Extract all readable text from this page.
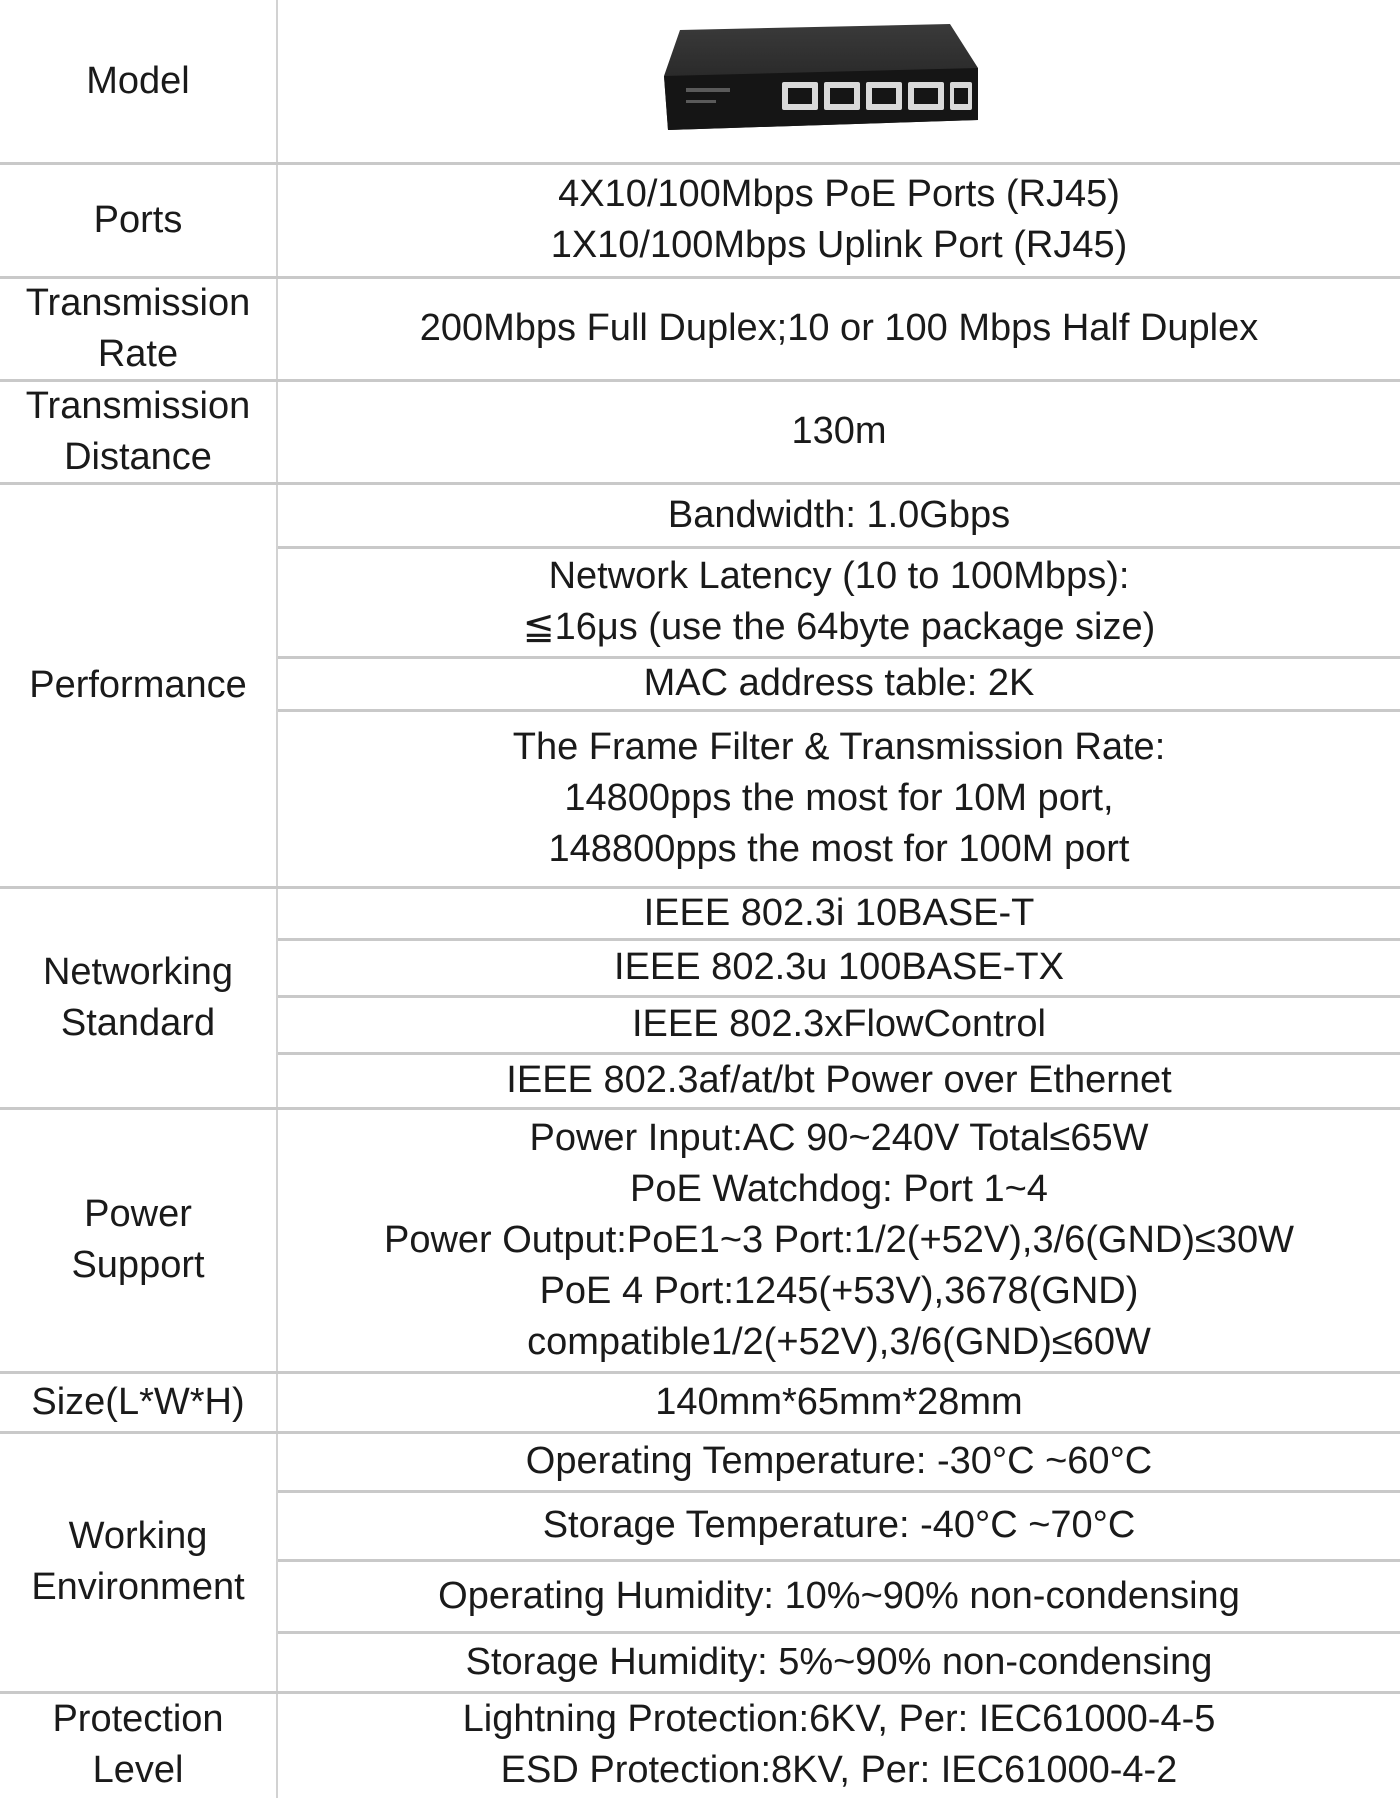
Model
Ports
4X10/100Mbps PoE Ports (RJ45)
1X10/100Mbps Uplink Port (RJ45)
Transmission
Rate
200Mbps Full Duplex;10 or 100 Mbps Half Duplex
Transmission
Distance
130m
Performance
Bandwidth: 1.0Gbps
Network Latency (10 to 100Mbps):
≦16μs (use the 64byte package size)
MAC address table: 2K
The Frame Filter & Transmission Rate:
14800pps the most for 10M port,
148800pps the most for 100M port
Networking
Standard
IEEE 802.3i 10BASE-T
IEEE 802.3u 100BASE-TX
IEEE 802.3xFlowControl
IEEE 802.3af/at/bt Power over Ethernet
Power
Support
Power Input:AC 90~240V Total≤65W
PoE Watchdog: Port 1~4
Power Output:PoE1~3 Port:1/2(+52V),3/6(GND)≤30W
PoE 4 Port:1245(+53V),3678(GND)
compatible1/2(+52V),3/6(GND)≤60W
Size(L*W*H)	140mm*65mm*28mm
Working
Environment
Operating Temperature: -30°C ~60°C
Storage Temperature: -40°C ~70°C
Operating Humidity: 10%~90% non-condensing
Storage Humidity: 5%~90% non-condensing
Protection
Level
Lightning Protection:6KV, Per: IEC61000-4-5
ESD Protection:8KV, Per: IEC61000-4-2
